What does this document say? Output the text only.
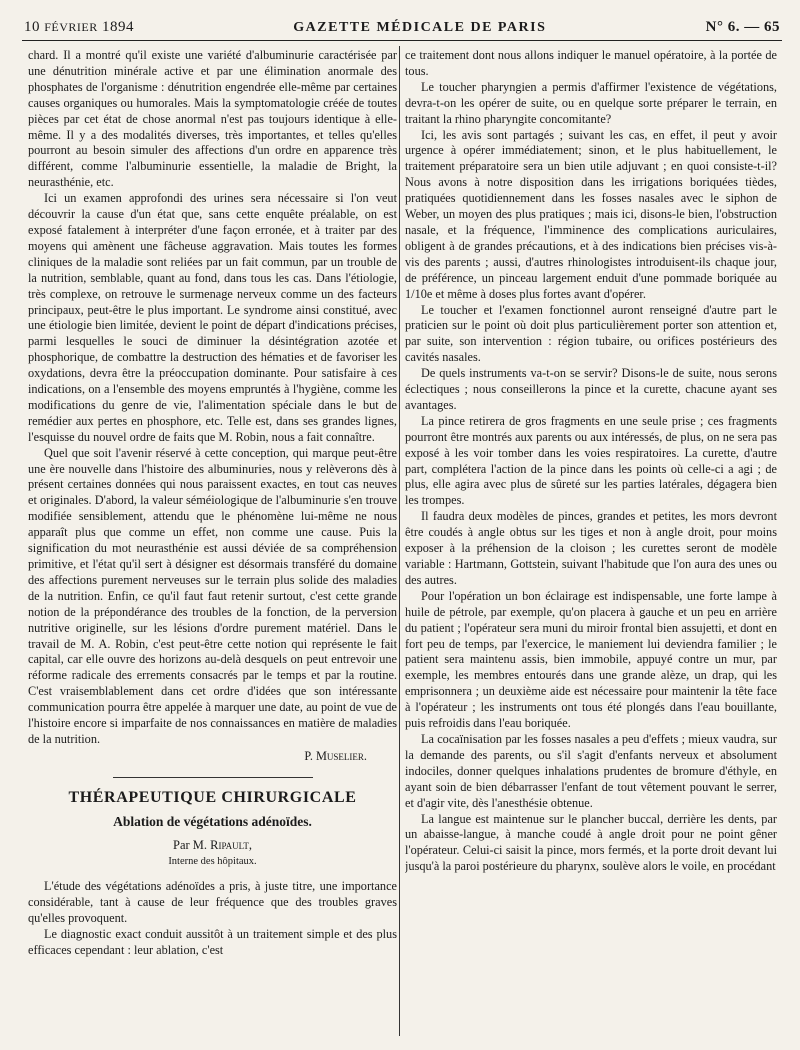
10 FÉVRIER 1894	GAZETTE MÉDICALE DE PARIS	N° 6. — 65

chard. Il a montré qu'il existe une variété d'albuminurie caractérisée par une dénutrition minérale active et par une élimination anormale des phosphates de l'organisme : dénutrition engendrée elle-même par certaines causes organiques ou humorales. Mais la symptomatologie créée de toutes pièces par cet état de chose anormal n'est pas toujours identique à elle-même. Il y a des modalités diverses, très importantes, et telles qu'elles pourront au besoin simuler des affections d'un ordre en apparence très différent, comme l'albuminurie essentielle, la maladie de Bright, la neurasthénie, etc.

Ici un examen approfondi des urines sera nécessaire si l'on veut découvrir la cause d'un état que, sans cette enquête préalable, on est exposé fatalement à interpréter d'une façon erronée, et à traiter par des moyens qui amènent une fâcheuse aggravation. Mais toutes les formes cliniques de la maladie sont reliées par un fait commun, par un trouble de la nutrition, semblable, quant au fond, dans tous les cas. Dans l'étiologie, très complexe, on retrouve le surmenage nerveux comme un des facteurs principaux, peut-être le plus important. Le syndrome ainsi constitué, avec une étiologie bien limitée, devient le point de départ d'indications précises, parmi lesquelles le souci de diminuer la désintégration azotée et phosphorique, de combattre la destruction des hématies et de favoriser les oxydations, devra être la préoccupation dominante. Pour satisfaire à ces indications, on a l'ensemble des moyens empruntés à l'hygiène, comme les modifications du genre de vie, l'alimentation spéciale dans le but de remédier aux pertes en phosphore, etc. Telle est, dans ses grandes lignes, l'esquisse du nouvel ordre de faits que M. Robin, nous a fait connaître.

Quel que soit l'avenir réservé à cette conception, qui marque peut-être une ère nouvelle dans l'histoire des albuminuries, nous y relèverons dès à présent certaines données qui nous paraissent exactes, en tout cas neuves et originales. D'abord, la valeur séméiologique de l'albuminurie s'en trouve modifiée sensiblement, attendu que le phénomène lui-même ne nous apparaît plus que comme un effet, non comme une cause. Puis la signification du mot neurasthénie est aussi déviée de sa compréhension primitive, et l'état qu'il sert à désigner est désormais transféré du domaine des affections purement nerveuses sur le terrain plus solide des maladies de la nutrition. Enfin, ce qu'il faut faut retenir surtout, c'est cette grande notion de la prépondérance des troubles de la fonction, de la perversion nutritive originelle, sur les lésions d'ordre purement matériel. Dans le travail de M. A. Robin, c'est peut-être cette notion qui représente le fait capital, car elle ouvre des horizons au-delà desquels on peut entrevoir une réforme radicale des errements consacrés par le temps et par la routine. C'est vraisemblablement dans cet ordre d'idées que son intéressante communication pourra être appelée à marquer une date, au point de vue de l'histoire encore si imparfaite de nos connaissances en matière de maladies de la nutrition.

P. Muselier.
THÉRAPEUTIQUE CHIRURGICALE
Ablation de végétations adénoïdes.
Par M. Ripault,
Interne des hôpitaux.

L'étude des végétations adénoïdes a pris, à juste titre, une importance considérable, tant à cause de leur fréquence que des troubles graves qu'elles provoquent.

Le diagnostic exact conduit aussitôt à un traitement simple et des plus efficaces cependant : leur ablation, c'est

ce traitement dont nous allons indiquer le manuel opératoire, à la portée de tous.

Le toucher pharyngien a permis d'affirmer l'existence de végétations, devra-t-on les opérer de suite, ou en quelque sorte préparer le terrain, en traitant la rhino pharyngite concomitante?

Ici, les avis sont partagés ; suivant les cas, en effet, il peut y avoir urgence à opérer immédiatement; sinon, et le plus habituellement, le traitement préparatoire sera un bien utile adjuvant ; en quoi consiste-t-il? Nous avons à notre disposition dans les irrigations boriquées tièdes, pratiquées quotidiennement dans les fosses nasales avec le siphon de Weber, un moyen des plus pratiques ; mais ici, disons-le bien, l'obstruction nasale, et la fréquence, l'imminence des complications auriculaires, obligent à de grandes précautions, et à des indications bien précises vis-à-vis des parents ; aussi, d'autres rhinologistes introduisent-ils chaque jour, de préférence, un pinceau largement enduit d'une pommade boriquée au 1/10e et même à doses plus fortes avant d'opérer.

Le toucher et l'examen fonctionnel auront renseigné d'autre part le praticien sur le point où doit plus particulièrement porter son attention et, par suite, son intervention : région tubaire, ou orifices postérieurs des cavités nasales.

De quels instruments va-t-on se servir? Disons-le de suite, nous serons éclectiques ; nous conseillerons la pince et la curette, chacune ayant ses avantages.

La pince retirera de gros fragments en une seule prise ; ces fragments pourront être montrés aux parents ou aux intéressés, de plus, on ne sera pas exposé à les voir tomber dans les voies respiratoires. La curette, d'autre part, complétera l'action de la pince dans les points où celle-ci a agi ; de plus, elle agira avec plus de sûreté sur les parties latérales, dégagera bien les trompes.

Il faudra deux modèles de pinces, grandes et petites, les mors devront être coudés à angle obtus sur les tiges et non à angle droit, pour moins exposer à la préhension de la cloison ; les curettes seront de modèle variable : Hartmann, Gottstein, suivant l'habitude que l'on aura des unes ou des autres.

Pour l'opération un bon éclairage est indispensable, une forte lampe à huile de pétrole, par exemple, qu'on placera à gauche et un peu en arrière du patient ; l'opérateur sera muni du miroir frontal bien assujetti, et dont en fort peu de temps, par l'exercice, le maniement lui deviendra familier ; le patient sera maintenu assis, bien immobile, appuyé contre un mur, par exemple, les membres entourés dans une grande alèze, un drap, qui les emprisonnera ; un deuxième aide est nécessaire pour maintenir la tête face à l'opérateur ; les instruments ont tous été plongés dans l'eau bouillante, puis refroidis dans l'eau boriquée.

La cocaïnisation par les fosses nasales a peu d'effets ; mieux vaudra, sur la demande des parents, ou s'il s'agit d'enfants nerveux et absolument indociles, donner quelques inhalations prudentes de bromure d'éthyle, en ayant soin de bien débarrasser l'enfant de tout vêtement pouvant le serrer, et d'agir vite, dès l'anesthésie obtenue.

La langue est maintenue sur le plancher buccal, derrière les dents, par un abaisse-langue, à manche coudé à angle droit pour ne point gêner l'opérateur. Celui-ci saisit la pince, mors fermés, et la porte droit devant lui jusqu'à la paroi postérieure du pharynx, soulève alors le voile, en procédant
